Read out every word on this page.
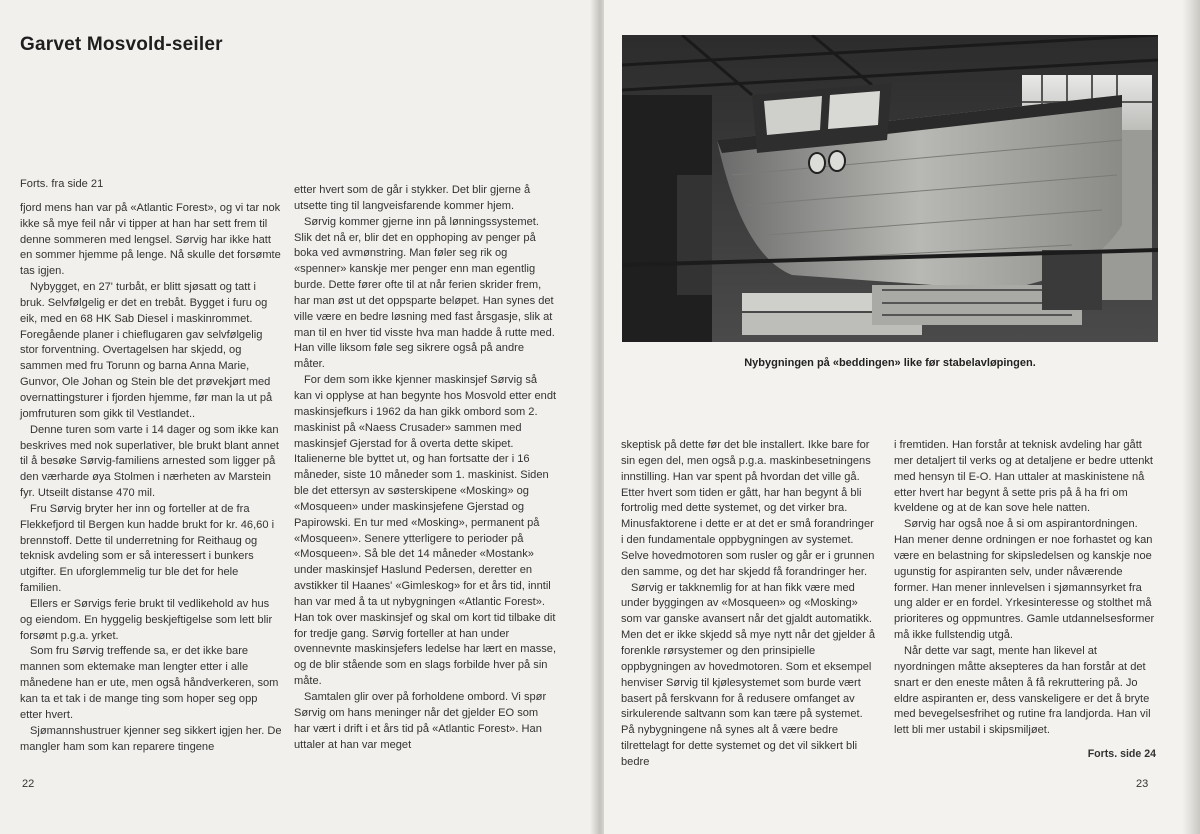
Garvet Mosvold-seiler

Forts. fra side 21

fjord mens han var på «Atlantic Forest», og vi tar nok ikke så mye feil når vi tipper at han har sett frem til denne sommeren med lengsel. Sørvig har ikke hatt en sommer hjemme på lenge. Nå skulle det forsømte tas igjen.

Nybygget, en 27' turbåt, er blitt sjøsatt og tatt i bruk. Selvfølgelig er det en trebåt. Bygget i furu og eik, med en 68 HK Sab Diesel i maskinrommet. Foregående planer i chieflugaren gav selvfølgelig stor forventning. Overtagelsen har skjedd, og sammen med fru Torunn og barna Anna Marie, Gunvor, Ole Johan og Stein ble det prøvekjørt med overnattingsturer i fjorden hjemme, før man la ut på jomfruturen som gikk til Vestlandet..

Denne turen som varte i 14 dager og som ikke kan beskrives med nok superlativer, ble brukt blant annet til å besøke Sørvig-familiens arnested som ligger på den værharde øya Stolmen i nærheten av Marstein fyr. Utseilt distanse 470 mil.

Fru Sørvig bryter her inn og forteller at de fra Flekkefjord til Bergen kun hadde brukt for kr. 46,60 i brennstoff. Dette til underretning for Reithaug og teknisk avdeling som er så interessert i bunkers utgifter. En uforglemmelig tur ble det for hele familien.

Ellers er Sørvigs ferie brukt til vedlikehold av hus og eiendom. En hyggelig beskjeftigelse som lett blir forsømt p.g.a. yrket.

Som fru Sørvig treffende sa, er det ikke bare mannen som ektemake man lengter etter i alle månedene han er ute, men også håndverkeren, som kan ta et tak i de mange ting som hoper seg opp etter hvert.

Sjømannshustruer kjenner seg sikkert igjen her. De mangler ham som kan reparere tingene

etter hvert som de går i stykker. Det blir gjerne å utsette ting til langveisfarende kommer hjem.

Sørvig kommer gjerne inn på lønningssystemet. Slik det nå er, blir det en opphoping av penger på boka ved avmønstring. Man føler seg rik og «spenner» kanskje mer penger enn man egentlig burde. Dette fører ofte til at når ferien skrider frem, har man øst ut det oppsparte beløpet. Han synes det ville være en bedre løsning med fast årsgasje, slik at man til en hver tid visste hva man hadde å rutte med. Han ville liksom føle seg sikrere også på andre måter.

For dem som ikke kjenner maskinsjef Sørvig så kan vi opplyse at han begynte hos Mosvold etter endt maskinsjefkurs i 1962 da han gikk ombord som 2. maskinist på «Naess Crusader» sammen med maskinsjef Gjerstad for å overta dette skipet. Italienerne ble byttet ut, og han fortsatte der i 16 måneder, siste 10 måneder som 1. maskinist. Siden ble det ettersyn av søsterskipene «Mosking» og «Mosqueen» under maskinsjefene Gjerstad og Papirowski. En tur med «Mosking», permanent på «Mosqueen». Senere ytterligere to perioder på «Mosqueen». Så ble det 14 måneder «Mostank» under maskinsjef Haslund Pedersen, deretter en avstikker til Haanes' «Gimleskog» for et års tid, inntil han var med å ta ut nybygningen «Atlantic Forest». Han tok over maskinsjef og skal om kort tid tilbake dit for tredje gang. Sørvig forteller at han under ovennevnte maskinsjefers ledelse har lært en masse, og de blir stående som en slags forbilde hver på sin måte.

Samtalen glir over på forholdene ombord. Vi spør Sørvig om hans meninger når det gjelder EO som har vært i drift i et års tid på «Atlantic Forest». Han uttaler at han var meget

22

skeptisk på dette før det ble installert. Ikke bare for sin egen del, men også p.g.a. maskinbesetningens innstilling. Han var spent på hvordan det ville gå. Etter hvert som tiden er gått, har han begynt å bli fortrolig med dette systemet, og det virker bra. Minusfaktorene i dette er at det er små forandringer i den fundamentale oppbygningen av systemet. Selve hovedmotoren som rusler og går er i grunnen den samme, og det har skjedd få forandringer her.

Sørvig er takknemlig for at han fikk være med under byggingen av «Mosqueen» og «Mosking» som var ganske avansert når det gjaldt automatikk. Men det er ikke skjedd så mye nytt når det gjelder å forenkle rørsystemer og den prinsipielle oppbygningen av hovedmotoren. Som et eksempel henviser Sørvig til kjølesystemet som burde vært basert på ferskvann for å redusere omfanget av sirkulerende saltvann som kan tære på systemet. På nybygningene nå synes alt å være bedre tilrettelagt for dette systemet og det vil sikkert bli bedre

i fremtiden. Han forstår at teknisk avdeling har gått mer detaljert til verks og at detaljene er bedre uttenkt med hensyn til E-O. Han uttaler at maskinistene nå etter hvert har begynt å sette pris på å ha fri om kveldene og at de kan sove hele natten.

Sørvig har også noe å si om aspirantordningen. Han mener denne ordningen er noe forhastet og kan være en belastning for skipsledelsen og kanskje noe ugunstig for aspiranten selv, under nåværende former. Han mener innlevelsen i sjømannsyrket fra ung alder er en fordel. Yrkesinteresse og stolthet må prioriteres og oppmuntres. Gamle utdannelsesformer må ikke fullstendig utgå.

Når dette var sagt, mente han likevel at nyordningen måtte aksepteres da han forstår at det snart er den eneste måten å få rekruttering på. Jo eldre aspiranten er, dess vanskeligere er det å bryte med bevegelsesfrihet og rutine fra landjorda. Han vil lett bli mer ustabil i skipsmiljøet.

Forts. side 24
23
Nybygningen på «beddingen» like før stabelavløpingen.
